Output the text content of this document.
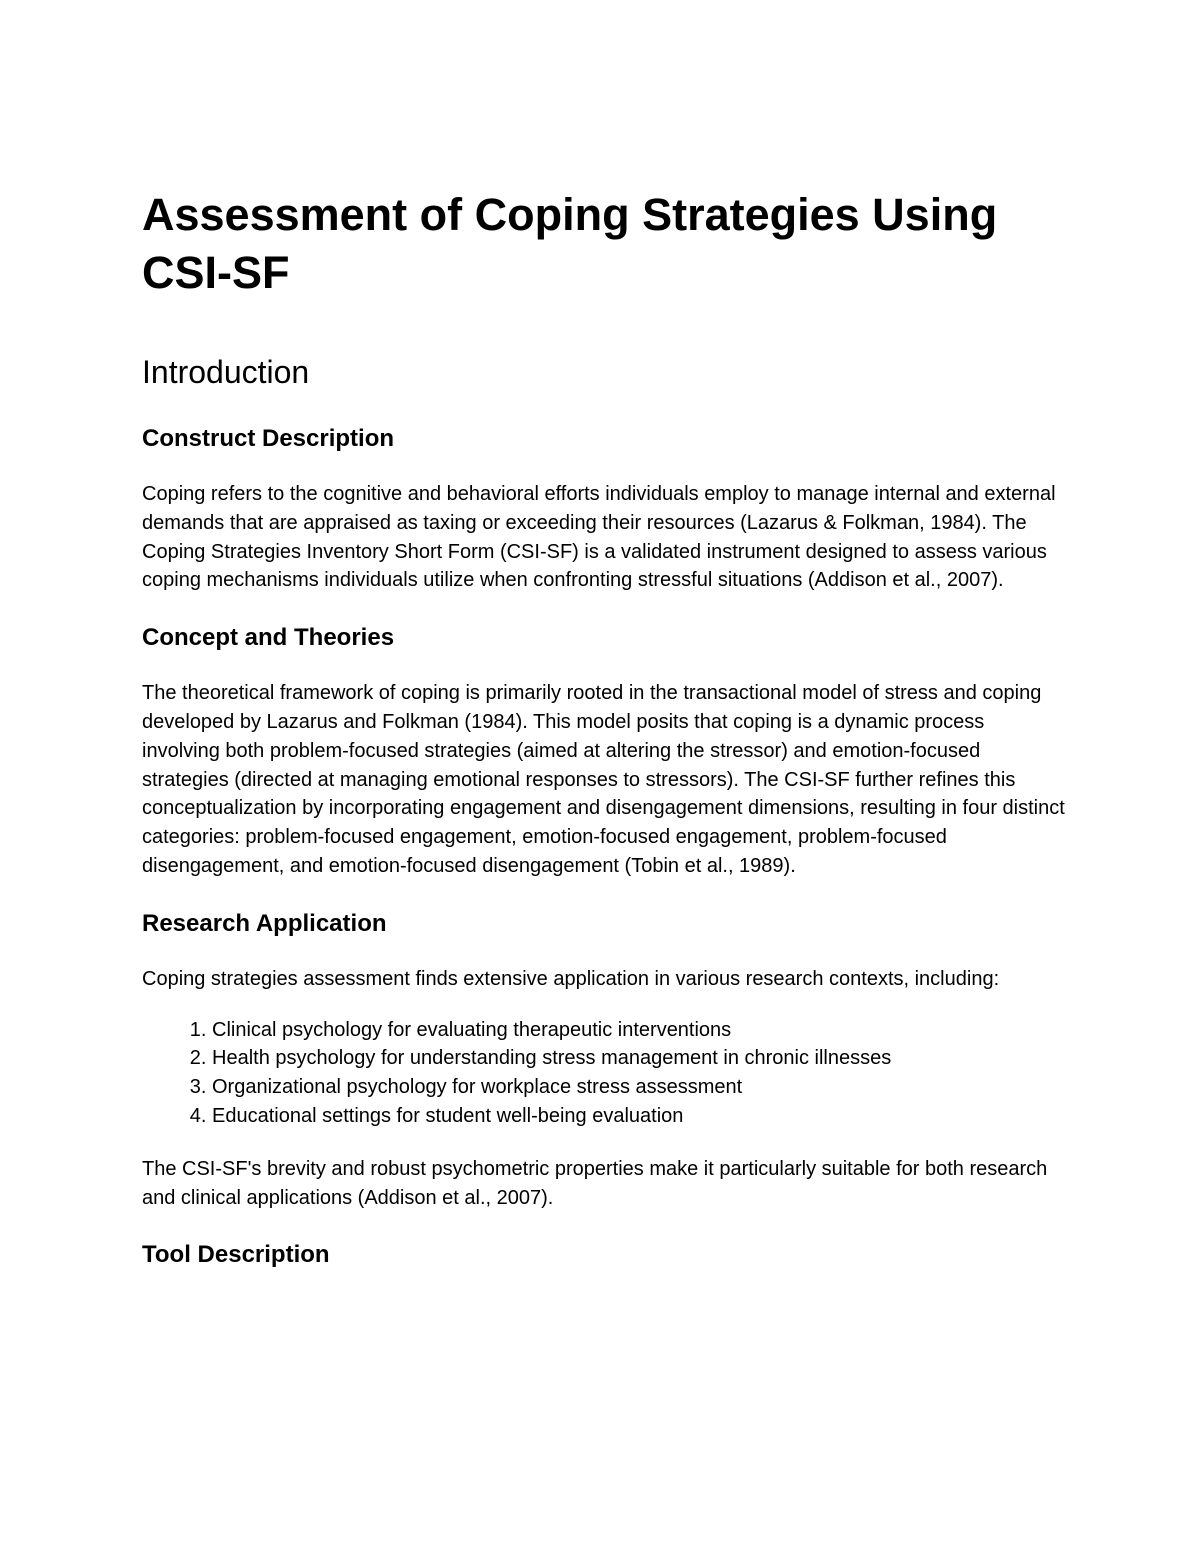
Assessment of Coping Strategies Using CSI-SF
Introduction
Construct Description

Coping refers to the cognitive and behavioral efforts individuals employ to manage internal and external demands that are appraised as taxing or exceeding their resources (Lazarus & Folkman, 1984). The Coping Strategies Inventory Short Form (CSI-SF) is a validated instrument designed to assess various coping mechanisms individuals utilize when confronting stressful situations (Addison et al., 2007).

Concept and Theories

The theoretical framework of coping is primarily rooted in the transactional model of stress and coping developed by Lazarus and Folkman (1984). This model posits that coping is a dynamic process involving both problem-focused strategies (aimed at altering the stressor) and emotion-focused strategies (directed at managing emotional responses to stressors). The CSI-SF further refines this conceptualization by incorporating engagement and disengagement dimensions, resulting in four distinct categories: problem-focused engagement, emotion-focused engagement, problem-focused disengagement, and emotion-focused disengagement (Tobin et al., 1989).

Research Application

Coping strategies assessment finds extensive application in various research contexts, including:

1. Clinical psychology for evaluating therapeutic interventions
2. Health psychology for understanding stress management in chronic illnesses
3. Organizational psychology for workplace stress assessment
4. Educational settings for student well-being evaluation

The CSI-SF's brevity and robust psychometric properties make it particularly suitable for both research and clinical applications (Addison et al., 2007).

Tool Description
